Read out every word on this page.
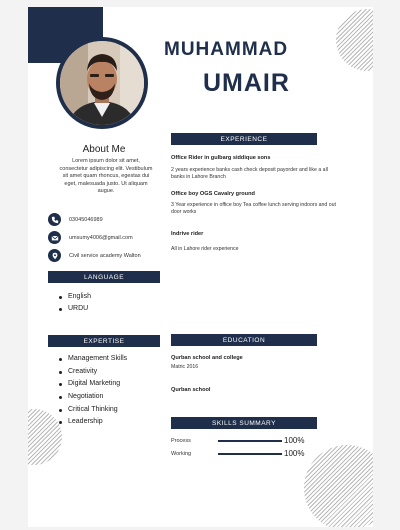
MUHAMMAD
UMAIR
About Me
Lorem ipsum dolor sit amet, consectetur adipiscing elit. Vestibulum sit amet quam rhoncus, egestas dui eget, malesuada justo. Ut aliquam augue.
03045046989
umsumy4006@gmail.com
Civil service academy Walton
LANGUAGE
English
URDU
EXPERTISE
Management Skills
Creativity
Digital Marketing
Negotiation
Critical Thinking
Leadership
EXPERIENCE
Office Rider in gulbarg siddique sons
2 years experience banks cash check deposit payorder and like a all banks in Lahore Branch
Office boy OGS Cavalry ground
3 Year experience in office boy Tea coffee lunch serving indoors and out door works
Indrive rider
All in Lahore rider experience
EDUCATION
Qurban school and college
Matric 2016
Qurban school
SKILLS SUMMARY
Process	100%
Working	100%
